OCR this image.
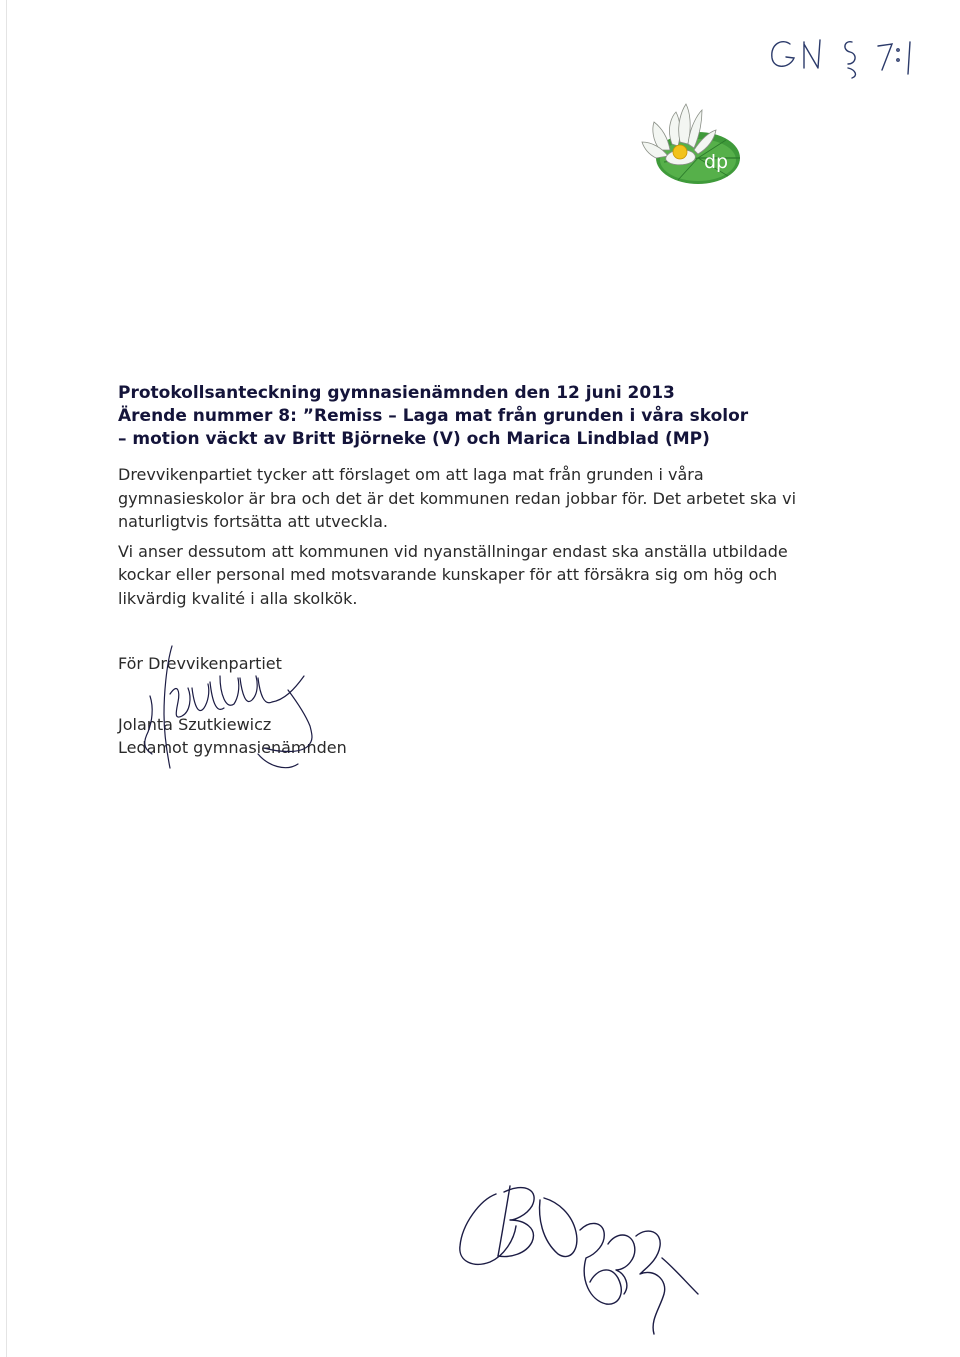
dp
Protokollsanteckning gymnasienämnden den 12 juni 2013
Ärende nummer 8: ”Remiss – Laga mat från grunden i våra skolor
– motion väckt av Britt Björneke (V) och Marica Lindblad (MP)

Drevvikenpartiet tycker att förslaget om att laga mat från grunden i våra gymnasieskolor är bra och det är det kommunen redan jobbar för. Det arbetet ska vi naturligtvis fortsätta att utveckla.

Vi anser dessutom att kommunen vid nyanställningar endast ska anställa utbildade kockar eller personal med motsvarande kunskaper för att försäkra sig om hög och likvärdig kvalité i alla skolkök.

För Drevvikenpartiet
Jolanta Szutkiewicz
Ledamot gymnasienämnden
